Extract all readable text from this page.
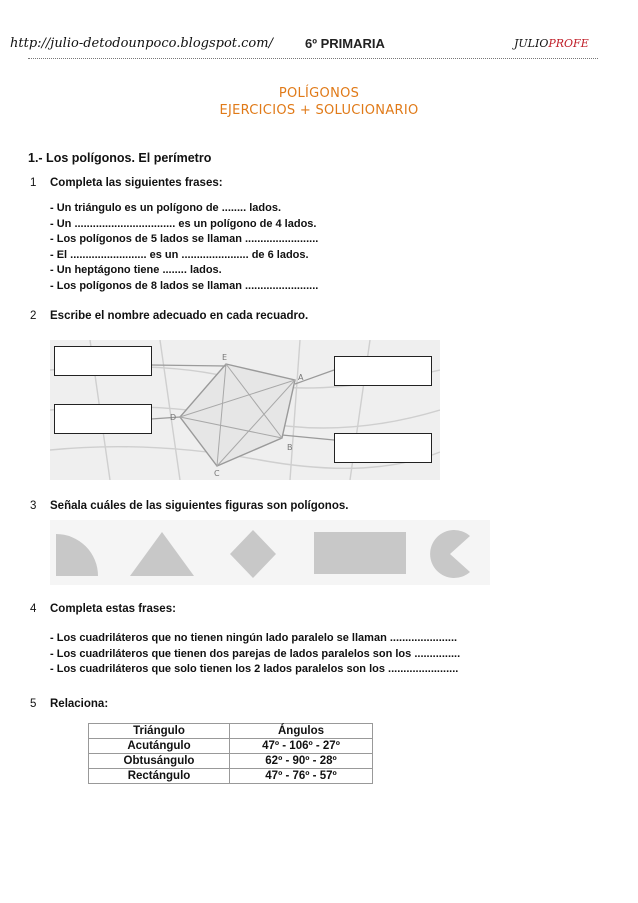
http://julio-detodounpoco.blogspot.com/ 6º PRIMARIA	JULIOPROFE
POLÍGONOS
EJERCICIOS + SOLUCIONARIO
1.- Los polígonos. El perímetro
1 Completa las siguientes frases:
- Un triángulo es un polígono de ........ lados.
- Un ................................. es un polígono de 4 lados.
- Los polígonos de 5 lados se llaman ........................
- El ......................... es un ...................... de 6 lados.
- Un heptágono tiene ........ lados.
- Los polígonos de 8 lados se llaman ........................
2 Escribe el nombre adecuado en cada recuadro.
E
A
D
B
C
3 Señala cuáles de las siguientes figuras son polígonos.
4 Completa estas frases:
- Los cuadriláteros que no tienen ningún lado paralelo se llaman ......................
- Los cuadriláteros que tienen dos parejas de lados paralelos son los ...............
- Los cuadriláteros que solo tienen los 2 lados paralelos son los .......................
5 Relaciona:
Triángulo	Ángulos
Acutángulo	47º - 106º - 27º
Obtusángulo	62º - 90º - 28º
Rectángulo	47º - 76º - 57º
